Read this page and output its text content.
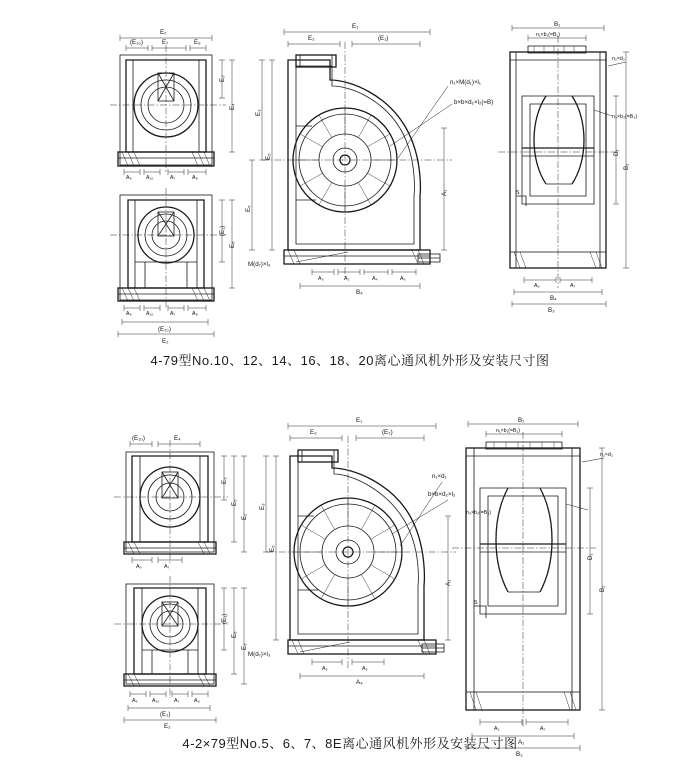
(E₁₀)	E₇	E₉
E₂
E₃
E₄
A₉	A₁₀	A₇	A₈
(E₁)
E₆
A₉	A₁₀	A₇	A₈
(E₁₀)
E₂
E₂	(E₁)
E₁
E₅
E₃
A₁
E₅
A₃	A₂	A₄	A₅
B₄
n₁×M(d₁)×l₁
b×b×d₂×l₂(=B)
M(d₇)×l₃
S
n₁×b₁(=B₁)
B₁
D₁
B₂
A₆	A₇
B₄
B₃
n₂×d₂
n₃×b₃(=B₃)
4-79型No.10、12、14、16、18、20离心通风机外形及安装尺寸图
(E₁₀)	E₄
E₃
E₅
E₂
A₉	A₇
(E₁)
E₆
E₃
A₉	A₁₀	A₇	A₈
(E₁)
E₂
E₃	(E₂)
E₁
E₅
E₃
A₁
A₃	A₃
A₄
n₁×d₁
b×b×d₂×l₂
M(d₇)×l₃
S
n₁×b₁(=B₁)
B₁
D₁
B₂
A₂	A₇
A₁
B₃
n₂×d₂
n₃×b₃(=B₃)
4-2×79型No.5、6、7、8E离心通风机外形及安装尺寸图
